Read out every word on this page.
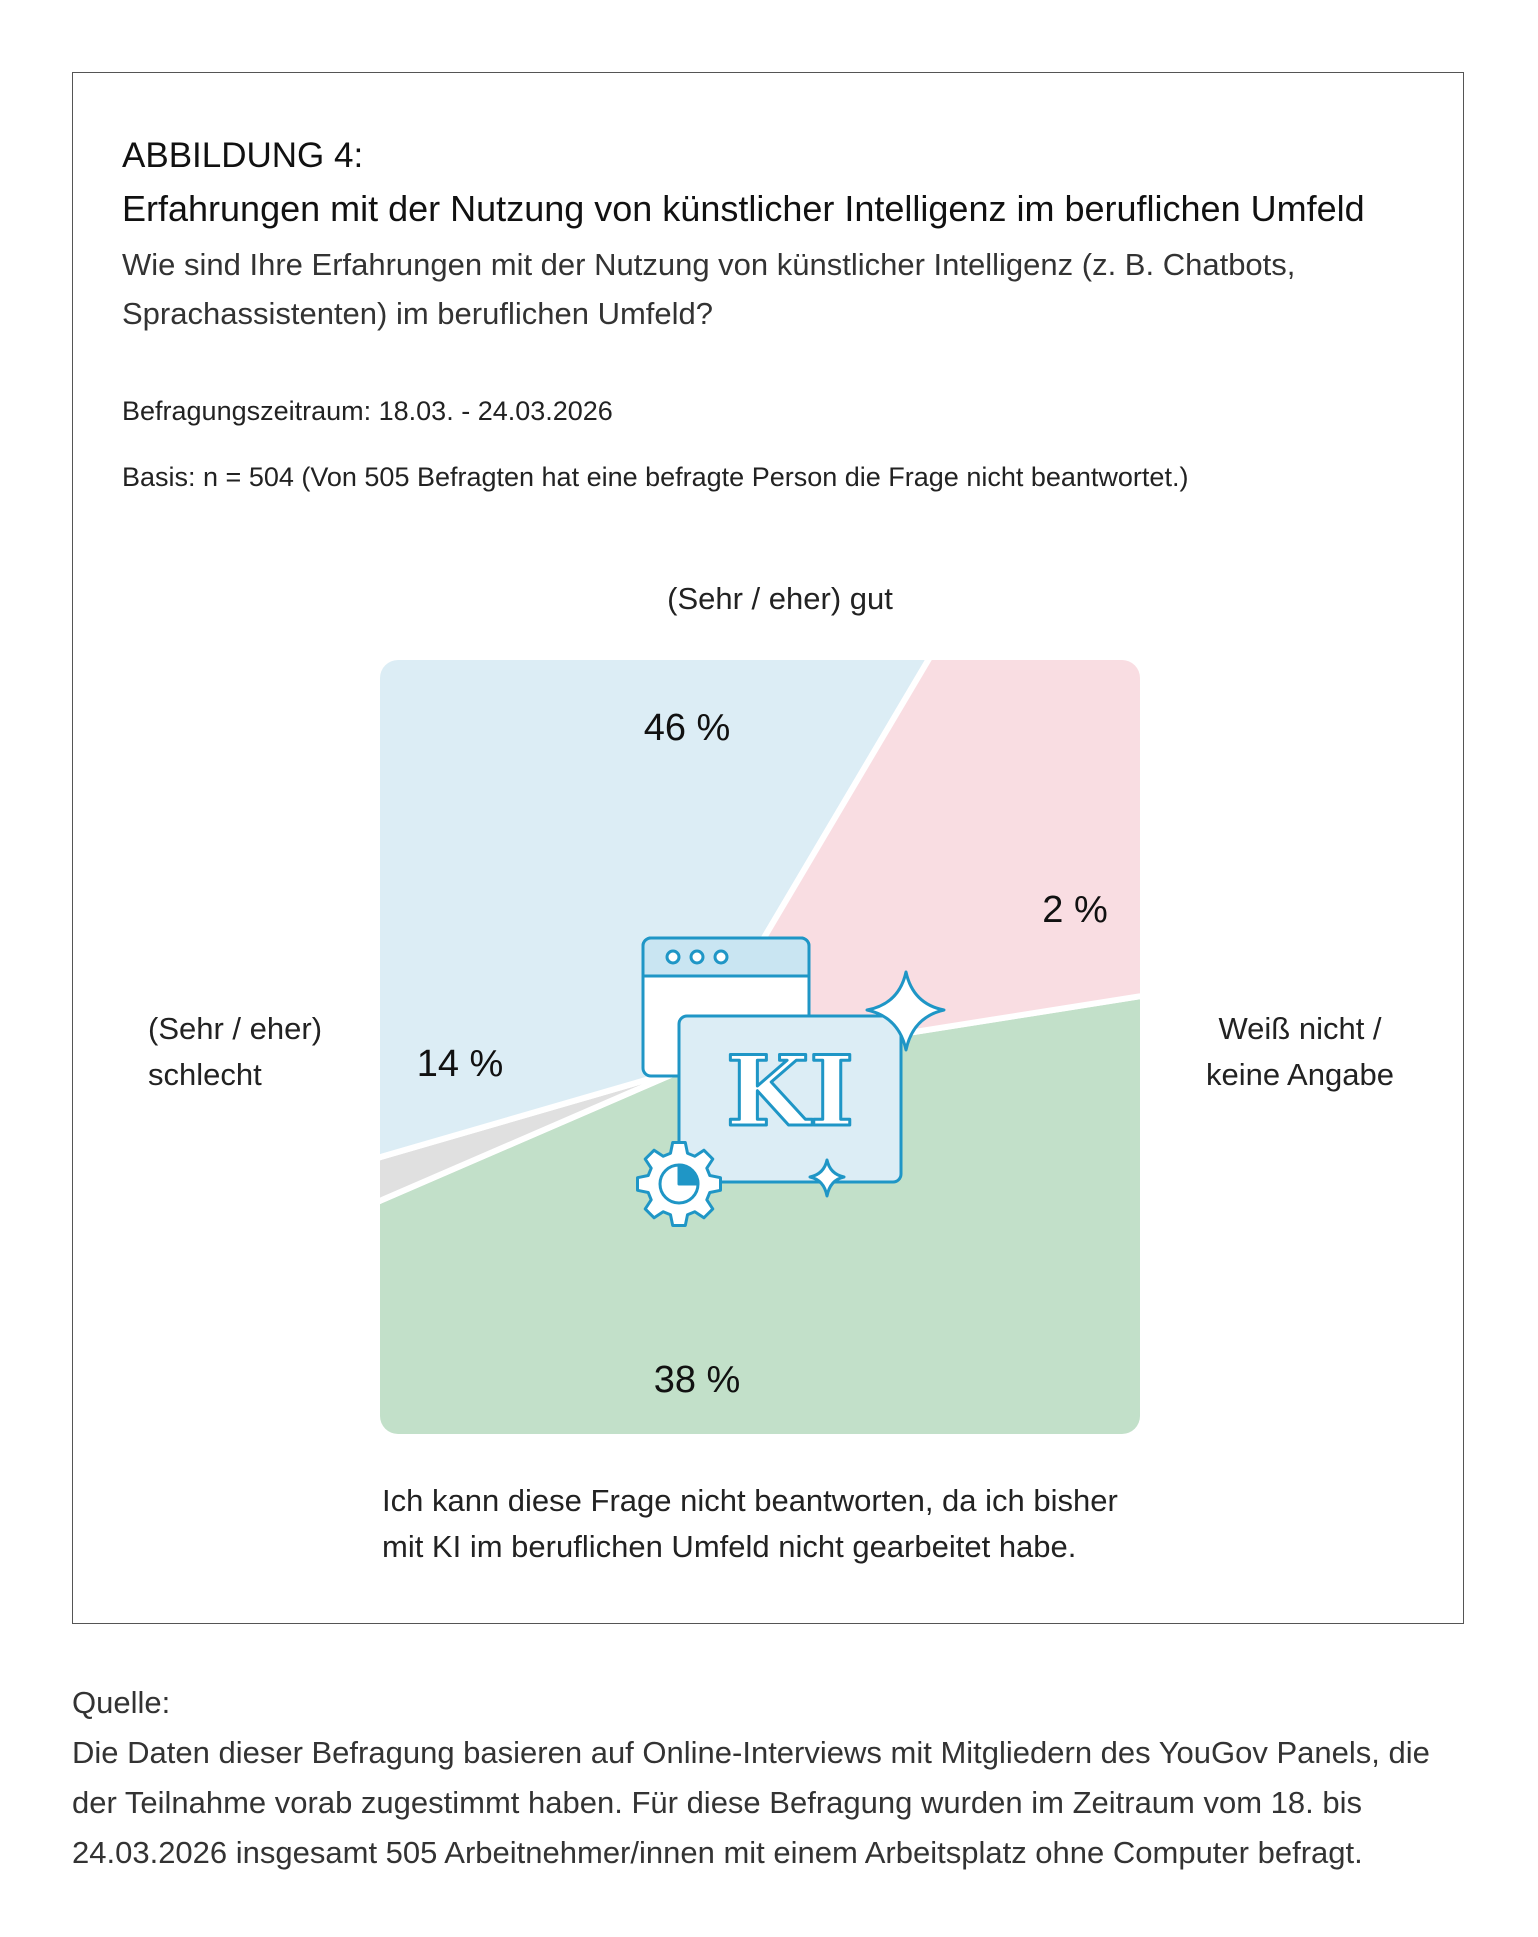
ABBILDUNG 4:
Erfahrungen mit der Nutzung von künstlicher Intelligenz im beruflichen Umfeld
Wie sind Ihre Erfahrungen mit der Nutzung von künstlicher Intelligenz (z. B. Chatbots, Sprachassistenten) im beruflichen Umfeld?
Befragungszeitraum: 18.03. - 24.03.2026
Basis: n = 504 (Von 505 Befragten hat eine befragte Person die Frage nicht beantwortet.)
(Sehr / eher) gut
Weiß nicht /
keine Angabe
Ich kann diese Frage nicht beantworten, da ich bisher
mit KI im beruflichen Umfeld nicht gearbeitet habe.
(Sehr / eher)
schlecht
46 %
2 %
38 %
14 % KI
Quelle:
Die Daten dieser Befragung basieren auf Online-Interviews mit Mitgliedern des YouGov Panels, die der Teilnahme vorab zugestimmt haben. Für diese Befragung wurden im Zeitraum vom 18. bis 24.03.2026 insgesamt 505 Arbeitnehmer/innen mit einem Arbeitsplatz ohne Computer befragt.
